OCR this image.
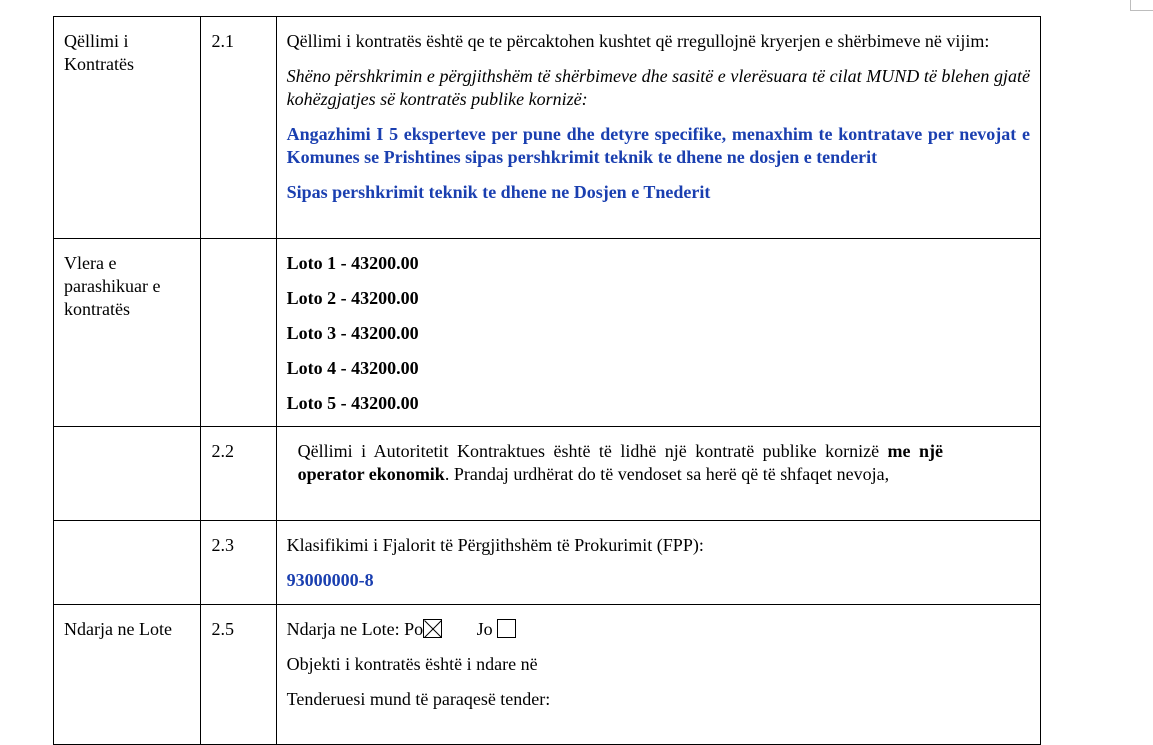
Qëllimi i Kontratës	2.1	Qëllimi i kontratës është qe te përcaktohen kushtet që rregullojnë kryerjen e shërbimeve në vijim:

Shëno përshkrimin e përgjithshëm të shërbimeve dhe sasitë e vlerësuara të cilat MUND të blehen gjatë kohëzgjatjes së kontratës publike kornizë:

Angazhimi I 5 eksperteve per pune dhe detyre specifike, menaxhim te kontratave per nevojat e Komunes se Prishtines sipas pershkrimit teknik te dhene ne dosjen e tenderit

Sipas pershkrimit teknik te dhene ne Dosjen e Tnederit

Vlera e parashikuar e kontratës		Loto 1 - 43200.00

Loto 2 - 43200.00

Loto 3 - 43200.00

Loto 4 - 43200.00

Loto 5 - 43200.00

	2.2	Qëllimi i Autoritetit Kontraktues është të lidhë një kontratë publike kornizë me një operator ekonomik. Prandaj urdhërat do të vendoset sa herë që të shfaqet nevoja,

	2.3	Klasifikimi i Fjalorit të Përgjithshëm të Prokurimit (FPP):

93000000-8

Ndarja ne Lote	2.5	Ndarja ne Lote: Po Jo

Objekti i kontratës është i ndare në

Tenderuesi mund të paraqesë tender:
